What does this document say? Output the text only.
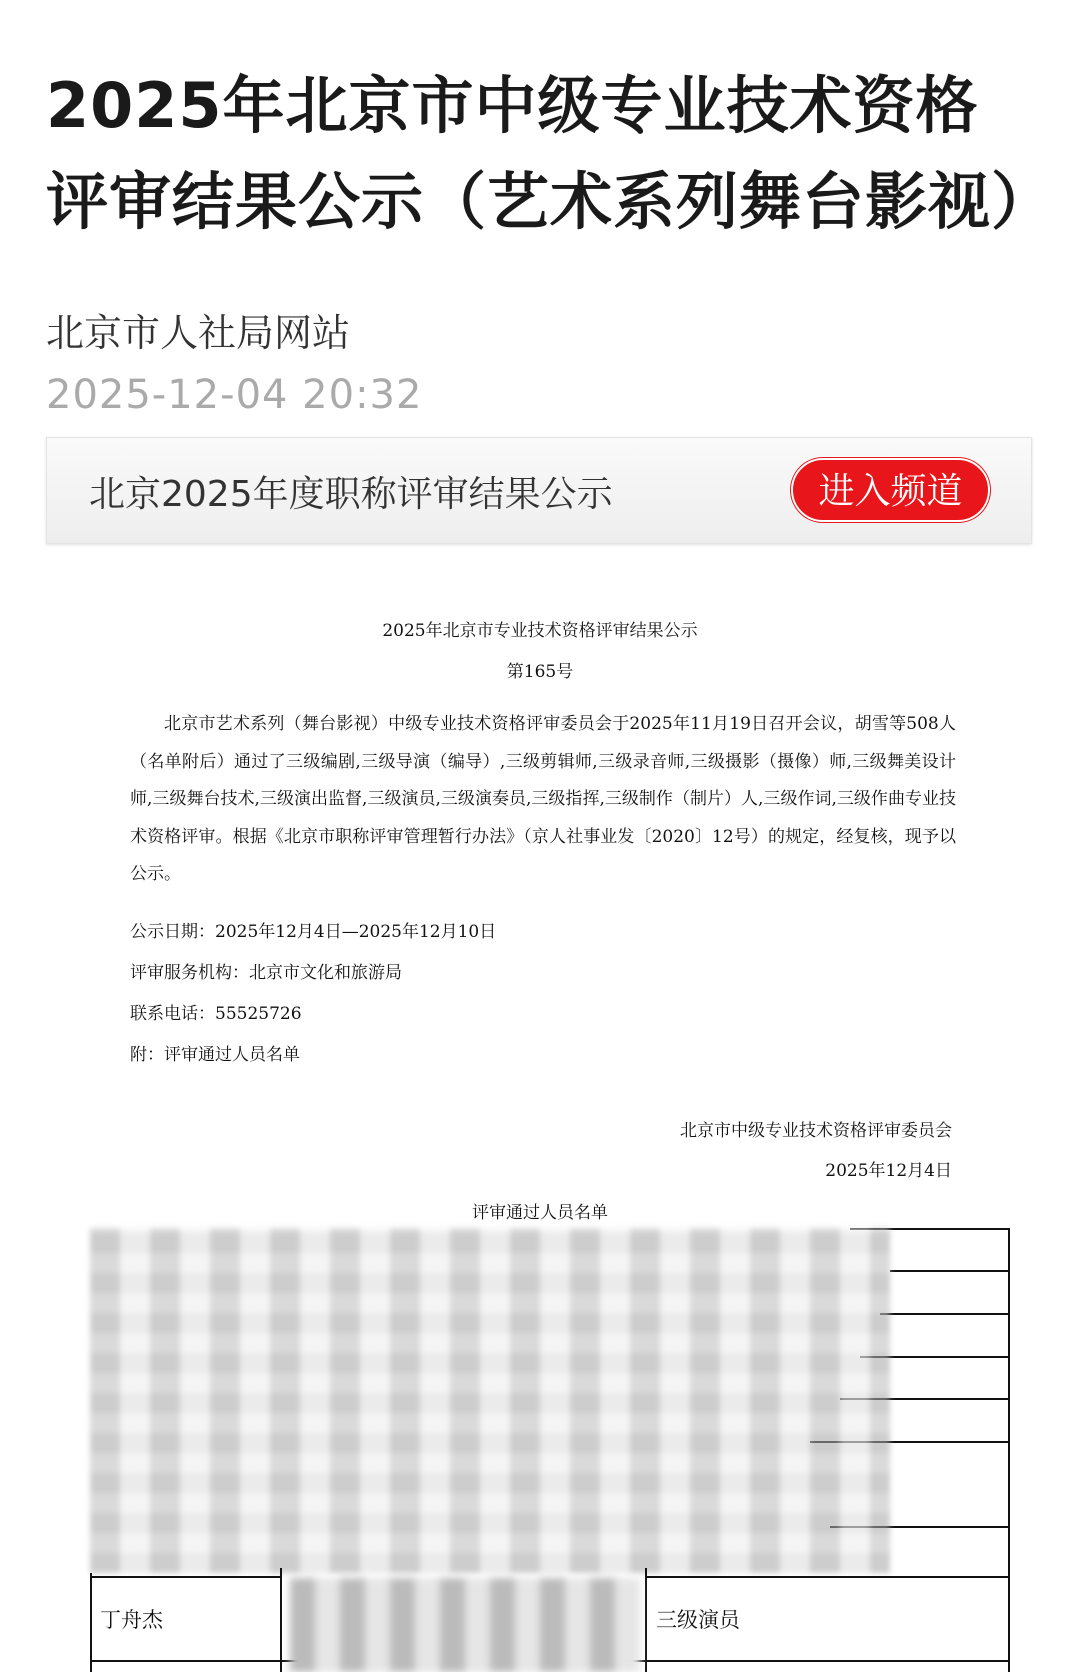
2025年北京市中级专业技术资格评审结果公示（艺术系列舞台影视）
北京市人社局网站
2025-12-04 20:32
北京2025年度职称评审结果公示	进入频道
2025年北京市专业技术资格评审结果公示
第165号
北京市艺术系列（舞台影视）中级专业技术资格评审委员会于2025年11月19日召开会议，胡雪等508人（名单附后）通过了三级编剧,三级导演（编导）,三级剪辑师,三级录音师,三级摄影（摄像）师,三级舞美设计师,三级舞台技术,三级演出监督,三级演员,三级演奏员,三级指挥,三级制作（制片）人,三级作词,三级作曲专业技术资格评审。根据《北京市职称评审管理暂行办法》（京人社事业发〔2020〕12号）的规定，经复核，现予以公示。
公示日期：2025年12月4日—2025年12月10日
评审服务机构：北京市文化和旅游局
联系电话：55525726
附：评审通过人员名单
北京市中级专业技术资格评审委员会
2025年12月4日
评审通过人员名单
丁舟杰	三级演员
